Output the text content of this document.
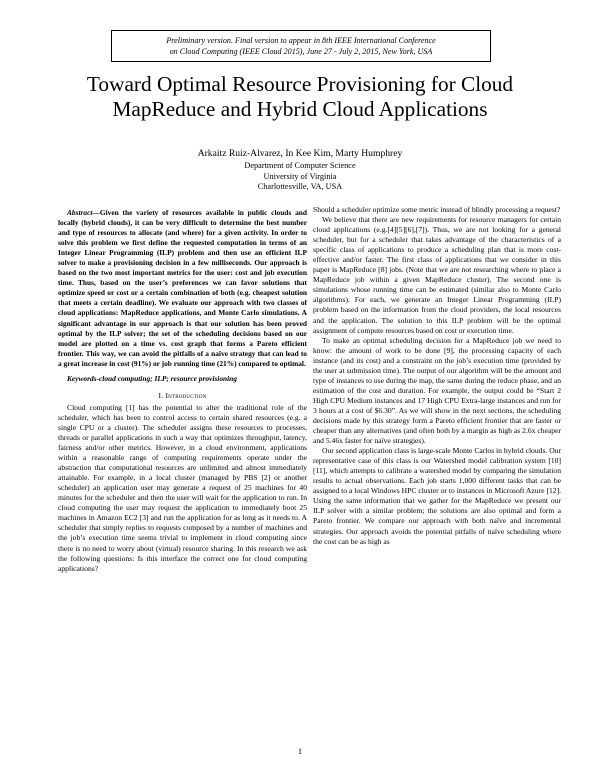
Preliminary version. Final version to appear in 8th IEEE International Conference
on Cloud Computing (IEEE Cloud 2015), June 27 - July 2, 2015, New York, USA
Toward Optimal Resource Provisioning for Cloud
MapReduce and Hybrid Cloud Applications
Arkaitz Ruiz-Alvarez, In Kee Kim, Marty Humphrey
Department of Computer Science
University of Virginia
Charlottesville, VA, USA

Abstract—Given the variety of resources available in public clouds and locally (hybrid clouds), it can be very difficult to determine the best number and type of resources to allocate (and where) for a given activity. In order to solve this problem we first define the requested computation in terms of an Integer Linear Programming (ILP) problem and then use an efficient ILP solver to make a provisioning decision in a few milliseconds. Our approach is based on the two most important metrics for the user: cost and job execution time. Thus, based on the user’s preferences we can favor solutions that optimize speed or cost or a certain combination of both (e.g. cheapest solution that meets a certain deadline). We evaluate our approach with two classes of cloud applications: MapReduce applications, and Monte Carlo simulations. A significant advantage in our approach is that our solution has been proved optimal by the ILP solver; the set of the scheduling decisions based on our model are plotted on a time vs. cost graph that forms a Pareto efficient frontier. This way, we can avoid the pitfalls of a naïve strategy that can lead to a great increase in cost (91%) or job running time (21%) compared to optimal.

Keywords-cloud computing; ILP; resource provisioning

I. Introduction

Cloud computing [1] has the potential to alter the traditional role of the scheduler, which has been to control access to certain shared resources (e.g. a single CPU or a cluster). The scheduler assigns these resources to processes, threads or parallel applications in such a way that optimizes throughput, latency, fairness and/or other metrics. However, in a cloud environment, applications within a reasonable range of computing requirements operate under the abstraction that computational resources are unlimited and almost immediately attainable. For example, in a local cluster (managed by PBS [2] or another scheduler) an application user may generate a request of 25 machines for 40 minutes for the scheduler and then the user will wait for the application to run. In cloud computing the user may request the application to immediately boot 25 machines in Amazon EC2 [3] and run the application for as long as it needs to. A scheduler that simply replies to requests composed by a number of machines and the job’s execution time seems trivial to implement in cloud computing since there is no need to worry about (virtual) resource sharing. In this research we ask the following questions: Is this interface the correct one for cloud computing applications?

Should a scheduler optimize some metric instead of blindly processing a request?

We believe that there are new requirements for resource managers for certain cloud applications (e.g.[4][5][6],[7]). Thus, we are not looking for a general scheduler, but for a scheduler that takes advantage of the characteristics of a specific class of applications to produce a scheduling plan that is more cost-effective and/or faster. The first class of applications that we consider in this paper is MapReduce [8] jobs. (Note that we are not researching where to place a MapReduce job within a given MapReduce cluster). The second one is simulations whose running time can be estimated (similar also to Monte Carlo algorithms). For each, we generate an Integer Linear Programming (ILP) problem based on the information from the cloud providers, the local resources and the application. The solution to this ILP problem will be the optimal assignment of compute resources based on cost or execution time.

To make an optimal scheduling decision for a MapReduce job we need to know: the amount of work to be done [9], the processing capacity of each instance (and its cost) and a constraint on the job’s execution time (provided by the user at submission time). The output of our algorithm will be the amount and type of instances to use during the map, the same during the reduce phase, and an estimation of the cost and duration. For example, the output could be “Start 2 High CPU Medium instances and 17 High CPU Extra-large instances and run for 3 hours at a cost of $6.30”. As we will show in the next sections, the scheduling decisions made by this strategy form a Pareto efficient frontier that are faster or cheaper than any alternatives (and often both by a margin as high as 2.6x cheaper and 5.46x faster for naïve strategies).

Our second application class is large-scale Monte Carlos in hybrid clouds. Our representative case of this class is our Watershed model calibration system [10][11], which attempts to calibrate a watershed model by comparing the simulation results to actual observations. Each job starts 1,000 different tasks that can be assigned to a local Windows HPC cluster or to instances in Microsoft Azure [12]. Using the same information that we gather for the MapReduce we present our ILP solver with a similar problem; the solutions are also optimal and form a Pareto frontier. We compare our approach with both naïve and incremental strategies. Our approach avoids the potential pitfalls of naïve scheduling where the cost can be as high as

1
